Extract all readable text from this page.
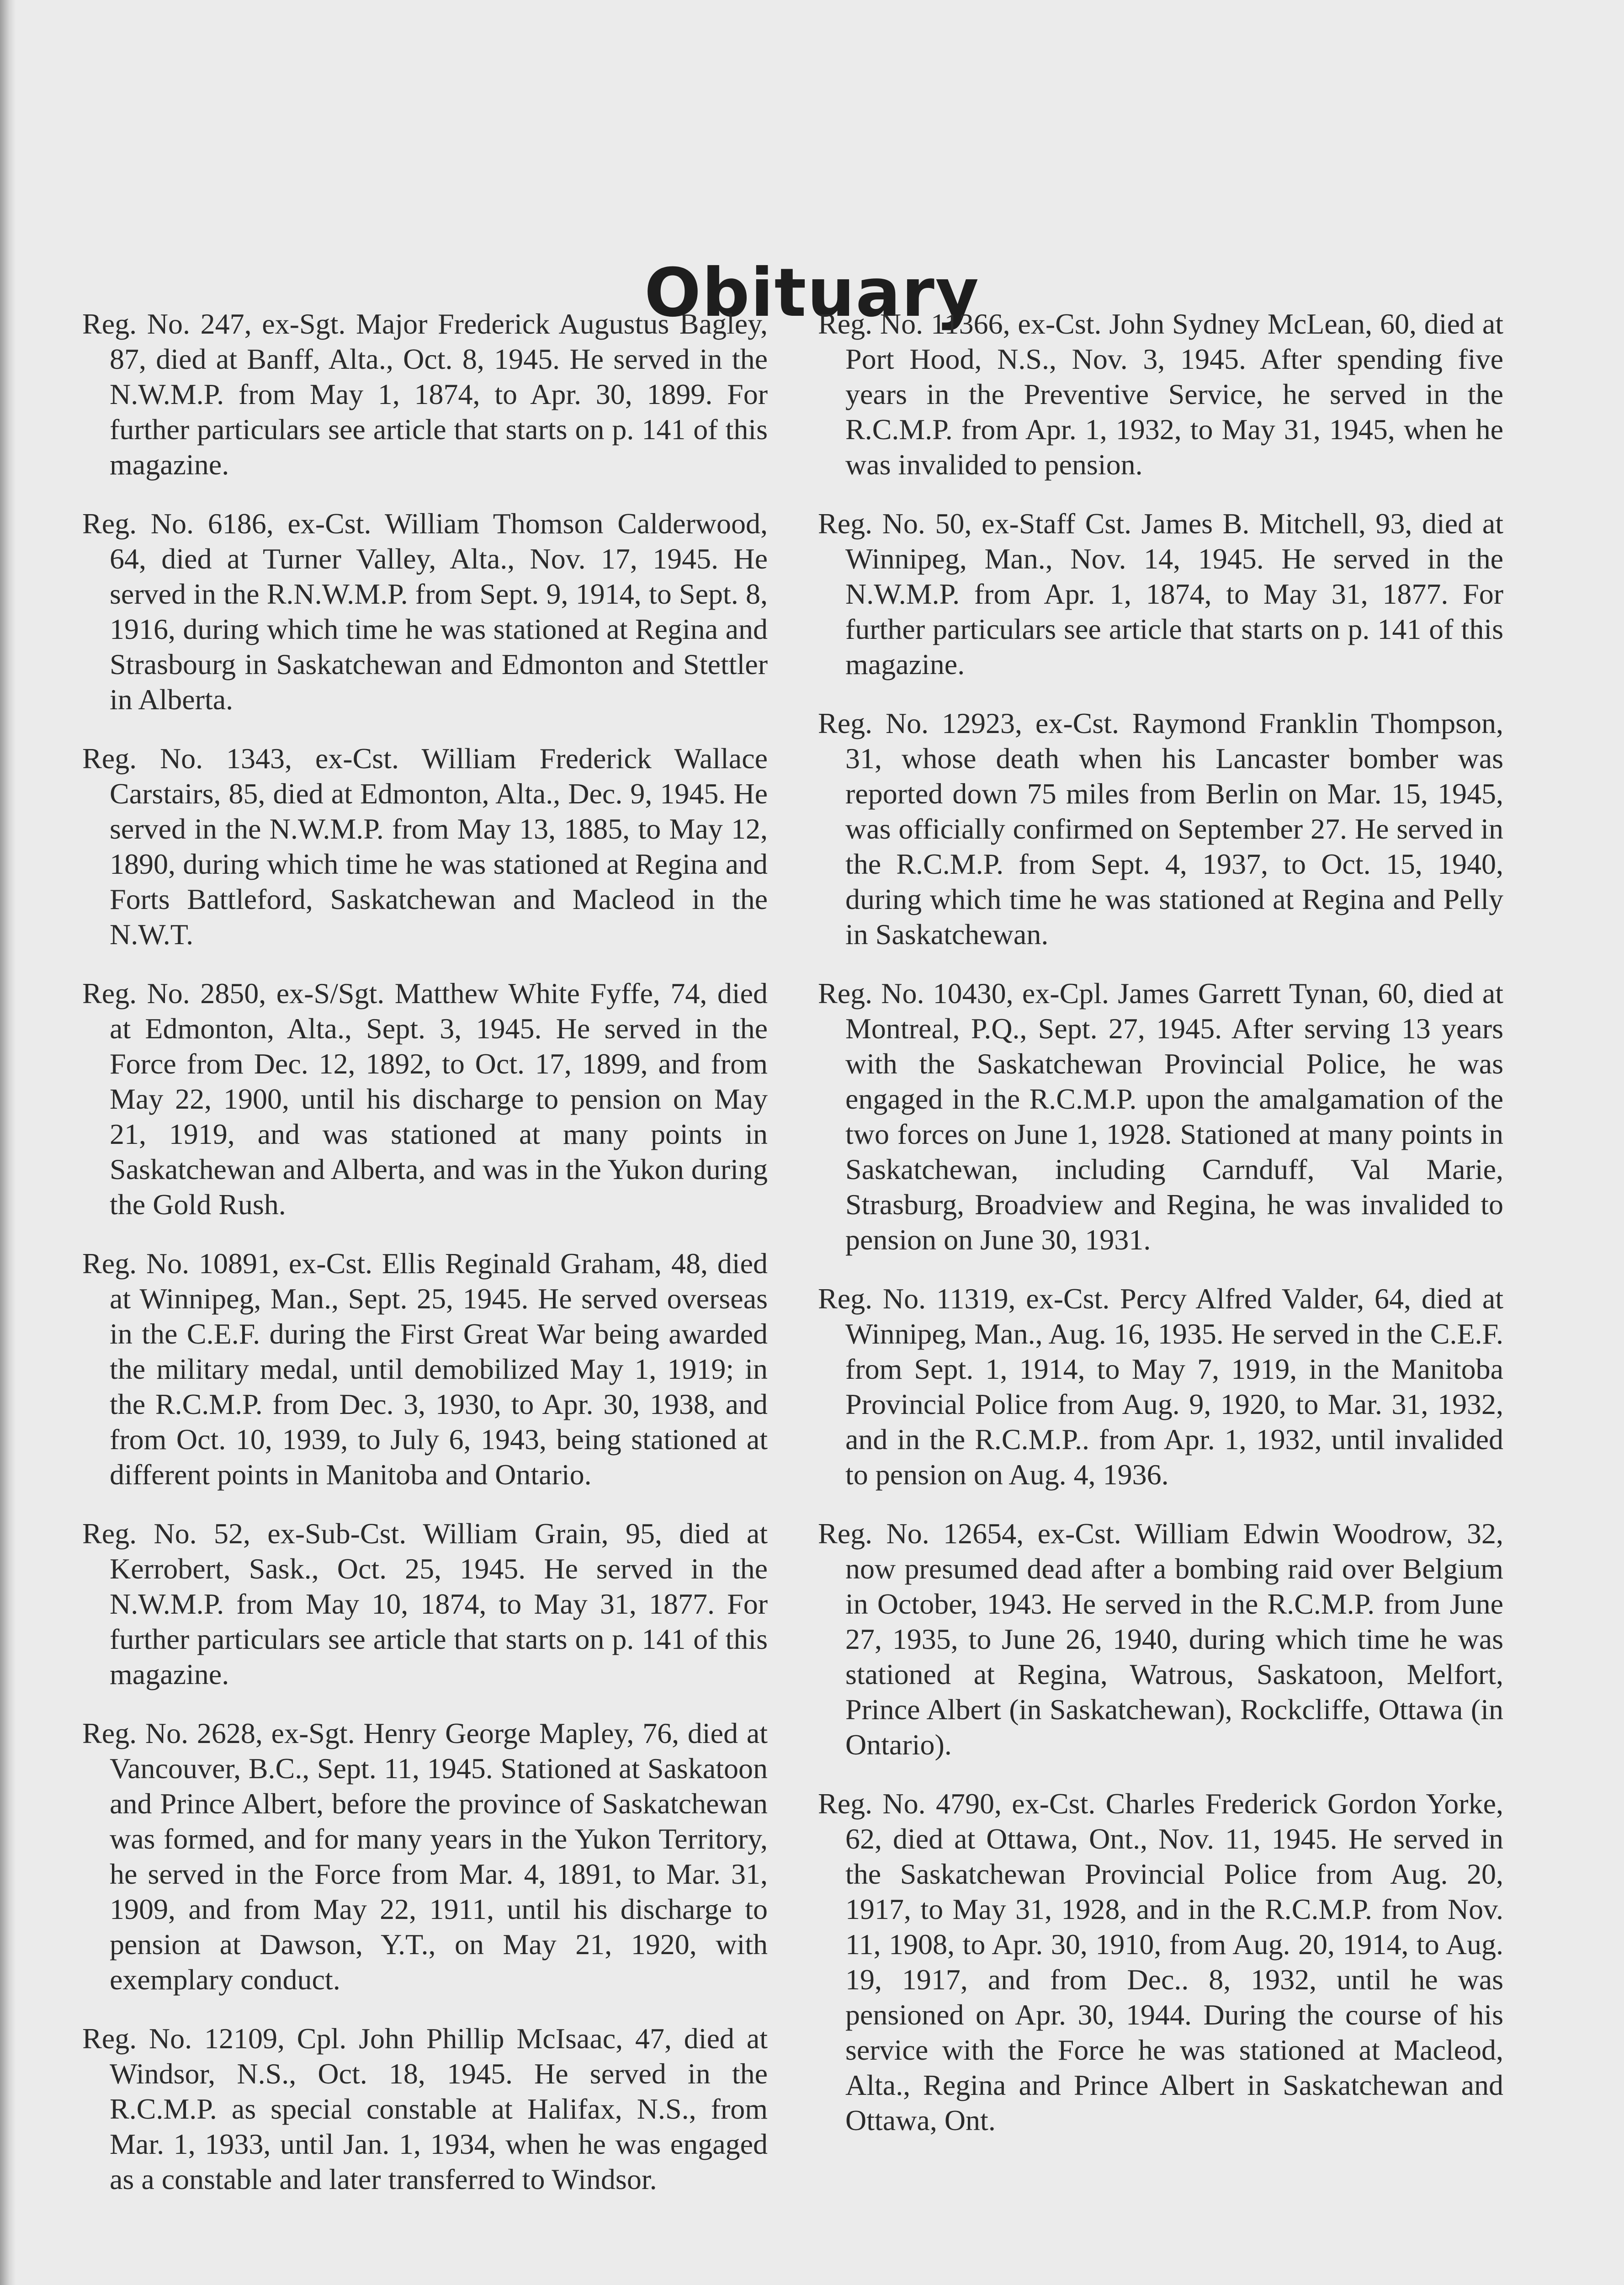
Obituary

Reg. No. 247, ex-Sgt. Major Frederick Augustus Bagley, 87, died at Banff, Alta., Oct. 8, 1945. He served in the N.W.M.P. from May 1, 1874, to Apr. 30, 1899. For further particulars see article that starts on p. 141 of this magazine.

Reg. No. 6186, ex-Cst. William Thomson Calderwood, 64, died at Turner Valley, Alta., Nov. 17, 1945. He served in the R.N.W.M.P. from Sept. 9, 1914, to Sept. 8, 1916, during which time he was stationed at Regina and Strasbourg in Saskatchewan and Edmonton and Stettler in Alberta.

Reg. No. 1343, ex-Cst. William Frederick Wallace Carstairs, 85, died at Edmonton, Alta., Dec. 9, 1945. He served in the N.W.M.P. from May 13, 1885, to May 12, 1890, during which time he was stationed at Regina and Forts Battleford, Saskatchewan and Macleod in the N.W.T.

Reg. No. 2850, ex-S/Sgt. Matthew White Fyffe, 74, died at Edmonton, Alta., Sept. 3, 1945. He served in the Force from Dec. 12, 1892, to Oct. 17, 1899, and from May 22, 1900, until his discharge to pension on May 21, 1919, and was stationed at many points in Saskatchewan and Alberta, and was in the Yukon during the Gold Rush.

Reg. No. 10891, ex-Cst. Ellis Reginald Graham, 48, died at Winnipeg, Man., Sept. 25, 1945. He served overseas in the C.E.F. during the First Great War being awarded the military medal, until demobilized May 1, 1919; in the R.C.M.P. from Dec. 3, 1930, to Apr. 30, 1938, and from Oct. 10, 1939, to July 6, 1943, being stationed at different points in Manitoba and Ontario.

Reg. No. 52, ex-Sub-Cst. William Grain, 95, died at Kerrobert, Sask., Oct. 25, 1945. He served in the N.W.M.P. from May 10, 1874, to May 31, 1877. For further particulars see article that starts on p. 141 of this magazine.

Reg. No. 2628, ex-Sgt. Henry George Mapley, 76, died at Vancouver, B.C., Sept. 11, 1945. Stationed at Saskatoon and Prince Albert, before the province of Saskatchewan was formed, and for many years in the Yukon Territory, he served in the Force from Mar. 4, 1891, to Mar. 31, 1909, and from May 22, 1911, until his discharge to pension at Dawson, Y.T., on May 21, 1920, with exemplary conduct.

Reg. No. 12109, Cpl. John Phillip McIsaac, 47, died at Windsor, N.S., Oct. 18, 1945. He served in the R.C.M.P. as special constable at Halifax, N.S., from Mar. 1, 1933, until Jan. 1, 1934, when he was engaged as a constable and later transferred to Windsor.

Reg. No. 11366, ex-Cst. John Sydney McLean, 60, died at Port Hood, N.S., Nov. 3, 1945. After spending five years in the Preventive Service, he served in the R.C.M.P. from Apr. 1, 1932, to May 31, 1945, when he was invalided to pension.

Reg. No. 50, ex-Staff Cst. James B. Mitchell, 93, died at Winnipeg, Man., Nov. 14, 1945. He served in the N.W.M.P. from Apr. 1, 1874, to May 31, 1877. For further particulars see article that starts on p. 141 of this magazine.

Reg. No. 12923, ex-Cst. Raymond Franklin Thompson, 31, whose death when his Lancaster bomber was reported down 75 miles from Berlin on Mar. 15, 1945, was officially confirmed on September 27. He served in the R.C.M.P. from Sept. 4, 1937, to Oct. 15, 1940, during which time he was stationed at Regina and Pelly in Saskatchewan.

Reg. No. 10430, ex-Cpl. James Garrett Tynan, 60, died at Montreal, P.Q., Sept. 27, 1945. After serving 13 years with the Saskatchewan Provincial Police, he was engaged in the R.C.M.P. upon the amalgamation of the two forces on June 1, 1928. Stationed at many points in Saskatchewan, including Carnduff, Val Marie, Strasburg, Broadview and Regina, he was invalided to pension on June 30, 1931.

Reg. No. 11319, ex-Cst. Percy Alfred Valder, 64, died at Winnipeg, Man., Aug. 16, 1935. He served in the C.E.F. from Sept. 1, 1914, to May 7, 1919, in the Manitoba Provincial Police from Aug. 9, 1920, to Mar. 31, 1932, and in the R.C.M.P.. from Apr. 1, 1932, until invalided to pension on Aug. 4, 1936.

Reg. No. 12654, ex-Cst. William Edwin Woodrow, 32, now presumed dead after a bombing raid over Belgium in October, 1943. He served in the R.C.M.P. from June 27, 1935, to June 26, 1940, during which time he was stationed at Regina, Watrous, Saskatoon, Melfort, Prince Albert (in Saskatchewan), Rockcliffe, Ottawa (in Ontario).

Reg. No. 4790, ex-Cst. Charles Frederick Gordon Yorke, 62, died at Ottawa, Ont., Nov. 11, 1945. He served in the Saskatchewan Provincial Police from Aug. 20, 1917, to May 31, 1928, and in the R.C.M.P. from Nov. 11, 1908, to Apr. 30, 1910, from Aug. 20, 1914, to Aug. 19, 1917, and from Dec.. 8, 1932, until he was pensioned on Apr. 30, 1944. During the course of his service with the Force he was stationed at Macleod, Alta., Regina and Prince Albert in Saskatchewan and Ottawa, Ont.
